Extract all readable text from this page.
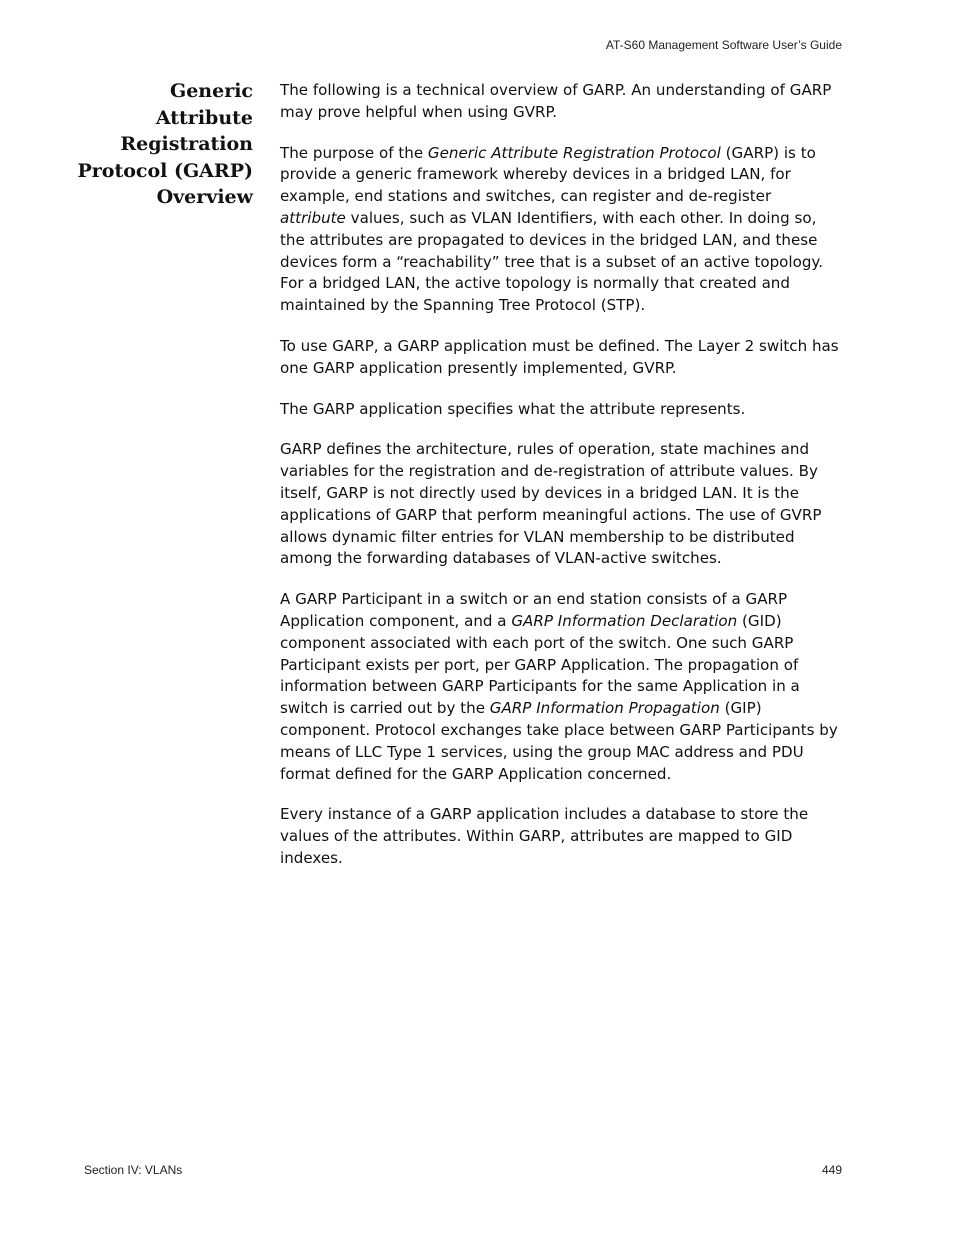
AT-S60 Management Software User’s Guide
Generic
Attribute
Registration
Protocol (GARP)
Overview

The following is a technical overview of GARP. An understanding of GARP may prove helpful when using GVRP.

The purpose of the Generic Attribute Registration Protocol (GARP) is to provide a generic framework whereby devices in a bridged LAN, for example, end stations and switches, can register and de-register attribute values, such as VLAN Identifiers, with each other. In doing so, the attributes are propagated to devices in the bridged LAN, and these devices form a “reachability” tree that is a subset of an active topology. For a bridged LAN, the active topology is normally that created and maintained by the Spanning Tree Protocol (STP).

To use GARP, a GARP application must be defined. The Layer 2 switch has one GARP application presently implemented, GVRP.

The GARP application specifies what the attribute represents.

GARP defines the architecture, rules of operation, state machines and variables for the registration and de-registration of attribute values. By itself, GARP is not directly used by devices in a bridged LAN. It is the applications of GARP that perform meaningful actions. The use of GVRP allows dynamic filter entries for VLAN membership to be distributed among the forwarding databases of VLAN-active switches.

A GARP Participant in a switch or an end station consists of a GARP Application component, and a GARP Information Declaration (GID) component associated with each port of the switch. One such GARP Participant exists per port, per GARP Application. The propagation of information between GARP Participants for the same Application in a switch is carried out by the GARP Information Propagation (GIP) component. Protocol exchanges take place between GARP Participants by means of LLC Type 1 services, using the group MAC address and PDU format defined for the GARP Application concerned.

Every instance of a GARP application includes a database to store the values of the attributes. Within GARP, attributes are mapped to GID indexes.

Section IV: VLANs	449
